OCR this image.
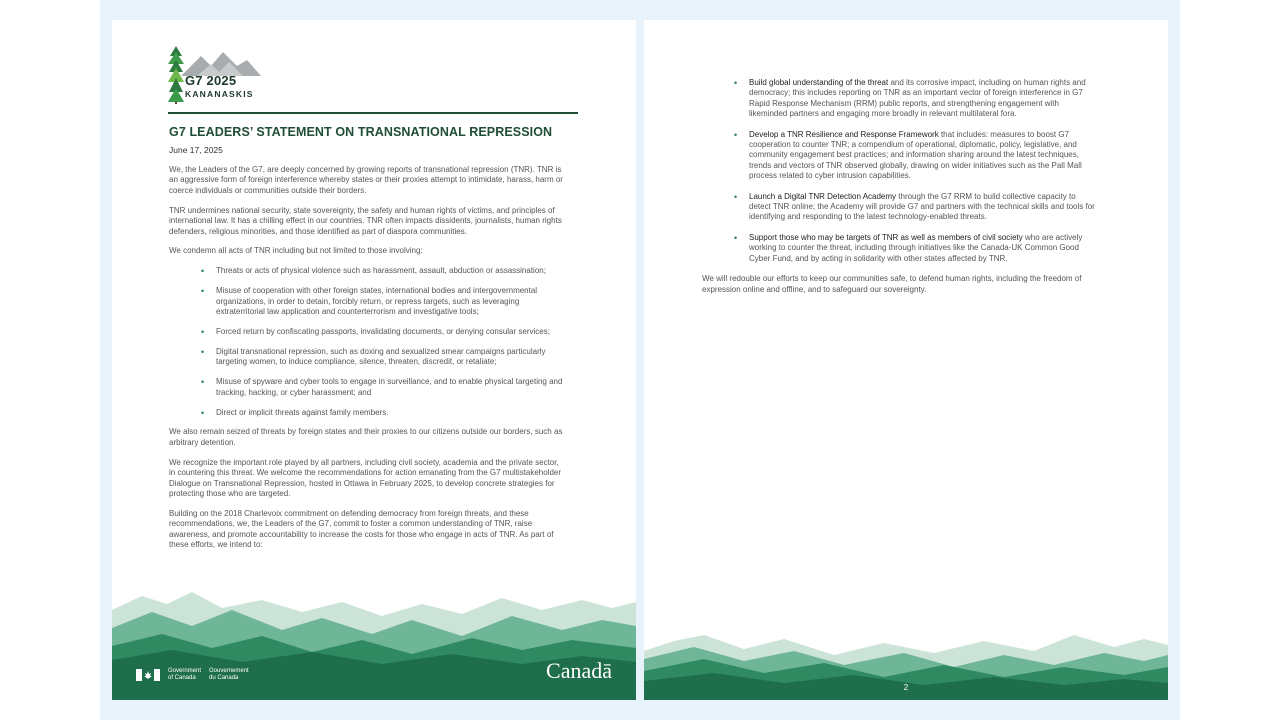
G7 2025
KANANASKIS
G7 LEADERS’ STATEMENT ON TRANSNATIONAL REPRESSION
June 17, 2025

We, the Leaders of the G7, are deeply concerned by growing reports of transnational repression (TNR). TNR is an aggressive form of foreign interference whereby states or their proxies attempt to intimidate, harass, harm or coerce individuals or communities outside their borders.

TNR undermines national security, state sovereignty, the safety and human rights of victims, and principles of international law. It has a chilling effect in our countries. TNR often impacts dissidents, journalists, human rights defenders, religious minorities, and those identified as part of diaspora communities.

We condemn all acts of TNR including but not limited to those involving:

• Threats or acts of physical violence such as harassment, assault, abduction or assassination;
• Misuse of cooperation with other foreign states, international bodies and intergovernmental organizations, in order to detain, forcibly return, or repress targets, such as leveraging extraterritorial law application and counterterrorism and investigative tools;
• Forced return by confiscating passports, invalidating documents, or denying consular services;
• Digital transnational repression, such as doxing and sexualized smear campaigns particularly targeting women, to induce compliance, silence, threaten, discredit, or retaliate;
• Misuse of spyware and cyber tools to engage in surveillance, and to enable physical targeting and tracking, hacking, or cyber harassment; and
• Direct or implicit threats against family members.

We also remain seized of threats by foreign states and their proxies to our citizens outside our borders, such as arbitrary detention.

We recognize the important role played by all partners, including civil society, academia and the private sector, in countering this threat. We welcome the recommendations for action emanating from the G7 multistakeholder Dialogue on Transnational Repression, hosted in Ottawa in February 2025, to develop concrete strategies for protecting those who are targeted.

Building on the 2018 Charlevoix commitment on defending democracy from foreign threats, and these recommendations, we, the Leaders of the G7, commit to foster a common understanding of TNR, raise awareness, and promote accountability to increase the costs for those who engage in acts of TNR. As part of these efforts, we intend to:

Government
of Canada
Gouvernement
du Canada	Canadā
• Build global understanding of the threat and its corrosive impact, including on human rights and democracy; this includes reporting on TNR as an important vector of foreign interference in G7 Rapid Response Mechanism (RRM) public reports, and strengthening engagement with likeminded partners and engaging more broadly in relevant multilateral fora.
• Develop a TNR Resilience and Response Framework that includes: measures to boost G7 cooperation to counter TNR; a compendium of operational, diplomatic, policy, legislative, and community engagement best practices; and information sharing around the latest techniques, trends and vectors of TNR observed globally, drawing on wider initiatives such as the Pall Mall process related to cyber intrusion capabilities.
• Launch a Digital TNR Detection Academy through the G7 RRM to build collective capacity to detect TNR online; the Academy will provide G7 and partners with the technical skills and tools for identifying and responding to the latest technology-enabled threats.
• Support those who may be targets of TNR as well as members of civil society who are actively working to counter the threat, including through initiatives like the Canada-UK Common Good Cyber Fund, and by acting in solidarity with other states affected by TNR.

We will redouble our efforts to keep our communities safe, to defend human rights, including the freedom of expression online and offline, and to safeguard our sovereignty.

2
